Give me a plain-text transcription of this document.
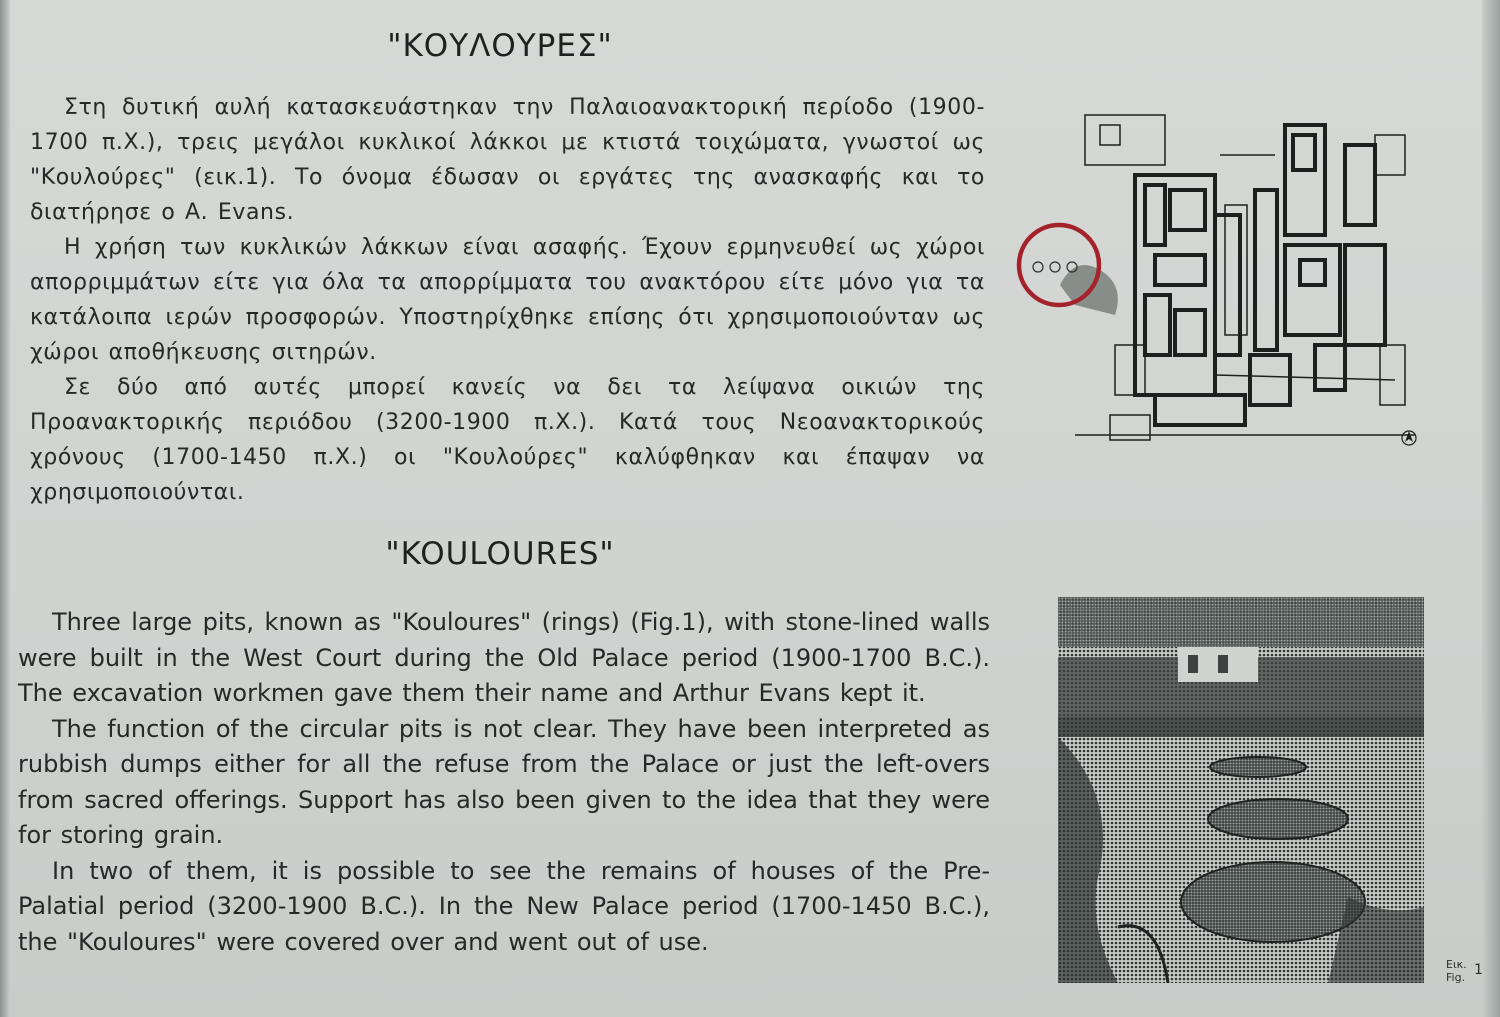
"ΚΟΥΛΟΥΡΕΣ"

Στη δυτική αυλή κατασκευάστηκαν την Παλαιοανακτορική περίοδο (1900-1700 π.Χ.), τρεις μεγάλοι κυκλικοί λάκκοι με κτιστά τοιχώματα, γνωστοί ως "Κουλούρες" (εικ.1). Το όνομα έδωσαν οι εργάτες της ανασκαφής και το διατήρησε ο Α. Evans.

Η χρήση των κυκλικών λάκκων είναι ασαφής. Έχουν ερμηνευθεί ως χώροι απορριμμάτων είτε για όλα τα απορρίμματα του ανακτόρου είτε μόνο για τα κατάλοιπα ιερών προσφορών. Υποστηρίχθηκε επίσης ότι χρησιμοποιούνταν ως χώροι αποθήκευσης σιτηρών.

Σε δύο από αυτές μπορεί κανείς να δει τα λείψανα οικιών της Προανακτορικής περιόδου (3200-1900 π.Χ.). Κατά τους Νεοανακτορικούς χρόνους (1700-1450 π.Χ.) οι "Κουλούρες" καλύφθηκαν και έπαψαν να χρησιμοποιούνται.

"KOULOURES"

Three large pits, known as "Kouloures" (rings) (Fig.1), with stone-lined walls were built in the West Court during the Old Palace period (1900-1700 B.C.). The excavation workmen gave them their name and Arthur Evans kept it.

The function of the circular pits is not clear. They have been interpreted as rubbish dumps either for all the refuse from the Palace or just the left-overs from sacred offerings. Support has also been given to the idea that they were for storing grain.

In two of them, it is possible to see the remains of houses of the Pre-Palatial period (3200-1900 B.C.). In the New Palace period (1700-1450 B.C.), the "Kouloures" were covered over and went out of use.

Εικ.
Fig. 1
